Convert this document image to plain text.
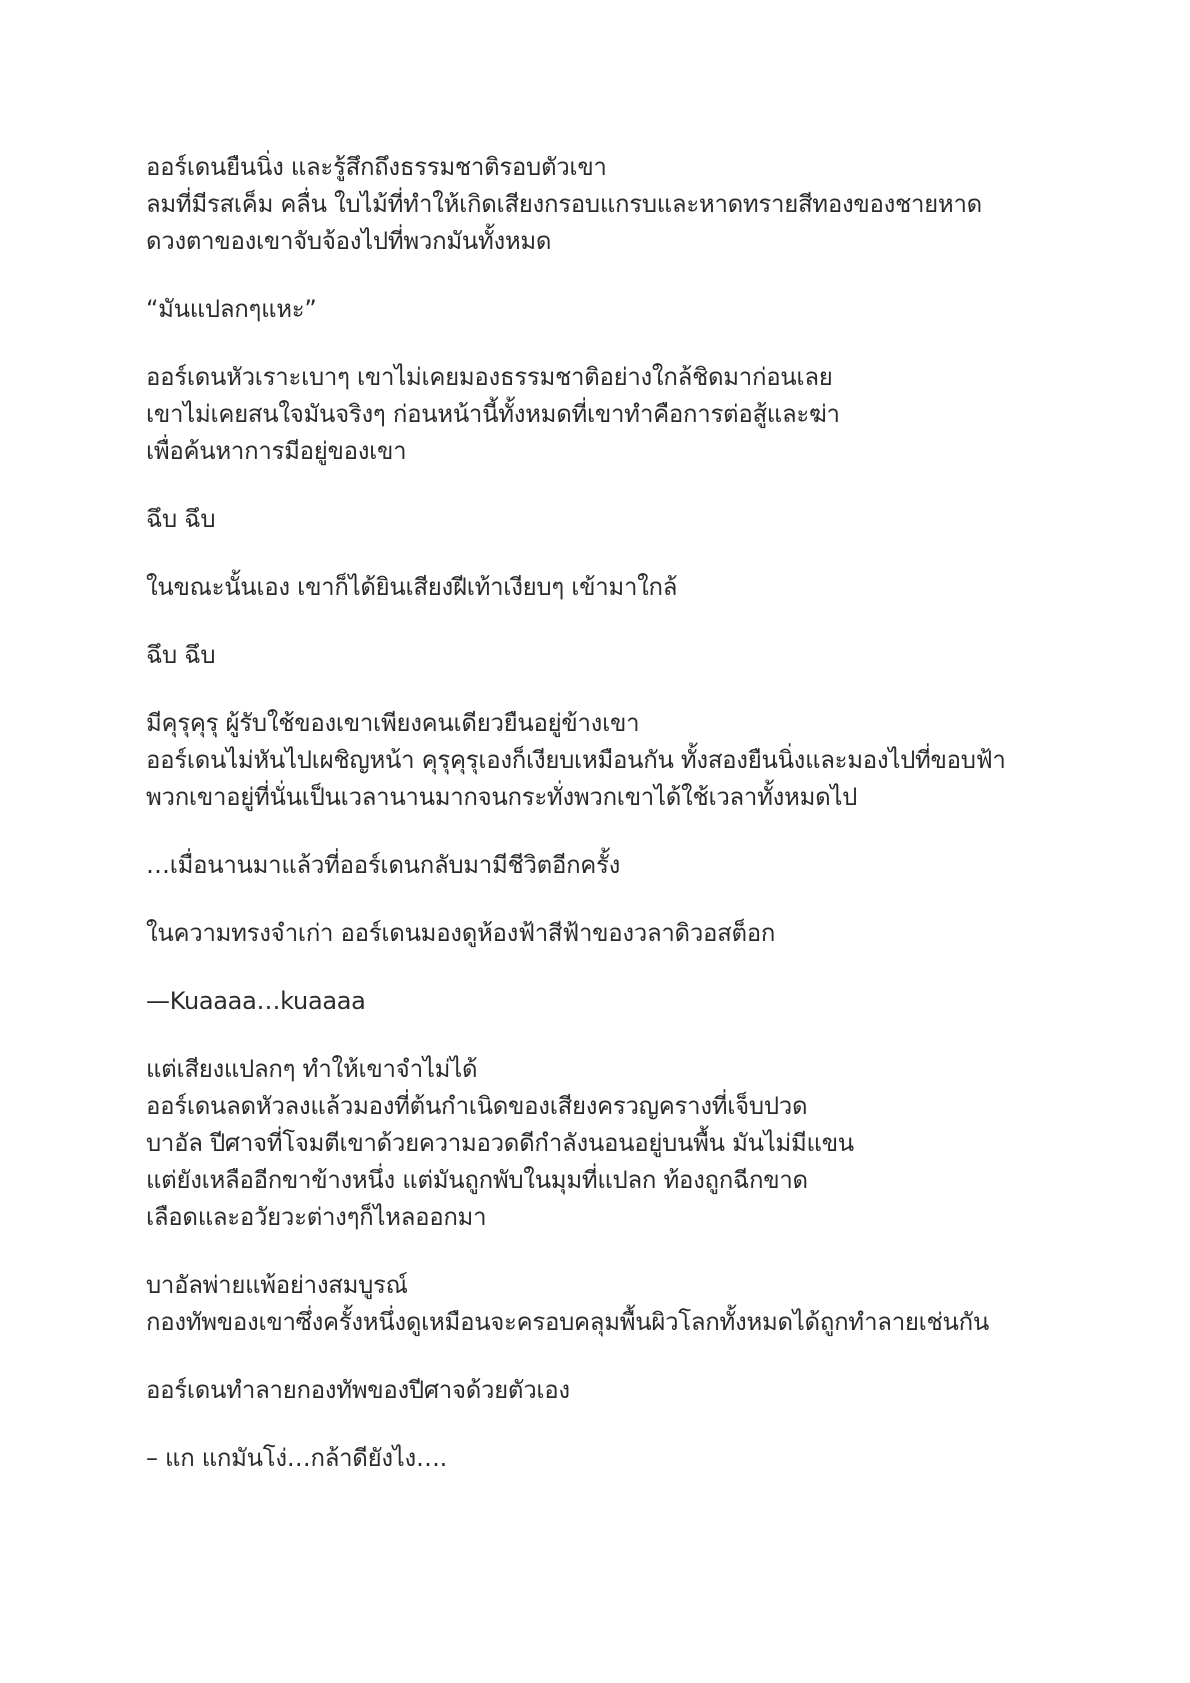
ออร์เดนยืนนิ่ง และรู้สึกถึงธรรมชาติรอบตัวเขา
ลมที่มีรสเค็ม คลื่น ใบไม้ที่ทำให้เกิดเสียงกรอบแกรบและหาดทรายสีทองของชายหาด
ดวงตาของเขาจับจ้องไปที่พวกมันทั้งหมด

“มันแปลกๆแหะ”

ออร์เดนหัวเราะเบาๆ เขาไม่เคยมองธรรมชาติอย่างใกล้ชิดมาก่อนเลย
เขาไม่เคยสนใจมันจริงๆ ก่อนหน้านี้ทั้งหมดที่เขาทำคือการต่อสู้และฆ่า
เพื่อค้นหาการมีอยู่ของเขา

ฉึบ ฉึบ

ในขณะนั้นเอง เขาก็ได้ยินเสียงฝีเท้าเงียบๆ เข้ามาใกล้

ฉึบ ฉึบ

มีคุรุคุรุ ผู้รับใช้ของเขาเพียงคนเดียวยืนอยู่ข้างเขา
ออร์เดนไม่หันไปเผชิญหน้า คุรุคุรุเองก็เงียบเหมือนกัน ทั้งสองยืนนิ่งและมองไปที่ขอบฟ้า
พวกเขาอยู่ที่นั่นเป็นเวลานานมากจนกระทั่งพวกเขาได้ใช้เวลาทั้งหมดไป

…เมื่อนานมาแล้วที่ออร์เดนกลับมามีชีวิตอีกครั้ง

ในความทรงจำเก่า ออร์เดนมองดูห้องฟ้าสีฟ้าของวลาดิวอสต็อก

—Kuaaaa…kuaaaa

แต่เสียงแปลกๆ ทำให้เขาจำไม่ได้
ออร์เดนลดหัวลงแล้วมองที่ต้นกำเนิดของเสียงครวญครางที่เจ็บปวด
บาอัล ปีศาจที่โจมตีเขาด้วยความอวดดีกำลังนอนอยู่บนพื้น มันไม่มีแขน
แต่ยังเหลืออีกขาข้างหนึ่ง แต่มันถูกพับในมุมที่แปลก ท้องถูกฉีกขาด
เลือดและอวัยวะต่างๆก็ไหลออกมา

บาอัลพ่ายแพ้อย่างสมบูรณ์
กองทัพของเขาซึ่งครั้งหนึ่งดูเหมือนจะครอบคลุมพื้นผิวโลกทั้งหมดได้ถูกทำลายเช่นกัน

ออร์เดนทำลายกองทัพของปีศาจด้วยตัวเอง

– แก แกมันโง่…กล้าดียังไง….
